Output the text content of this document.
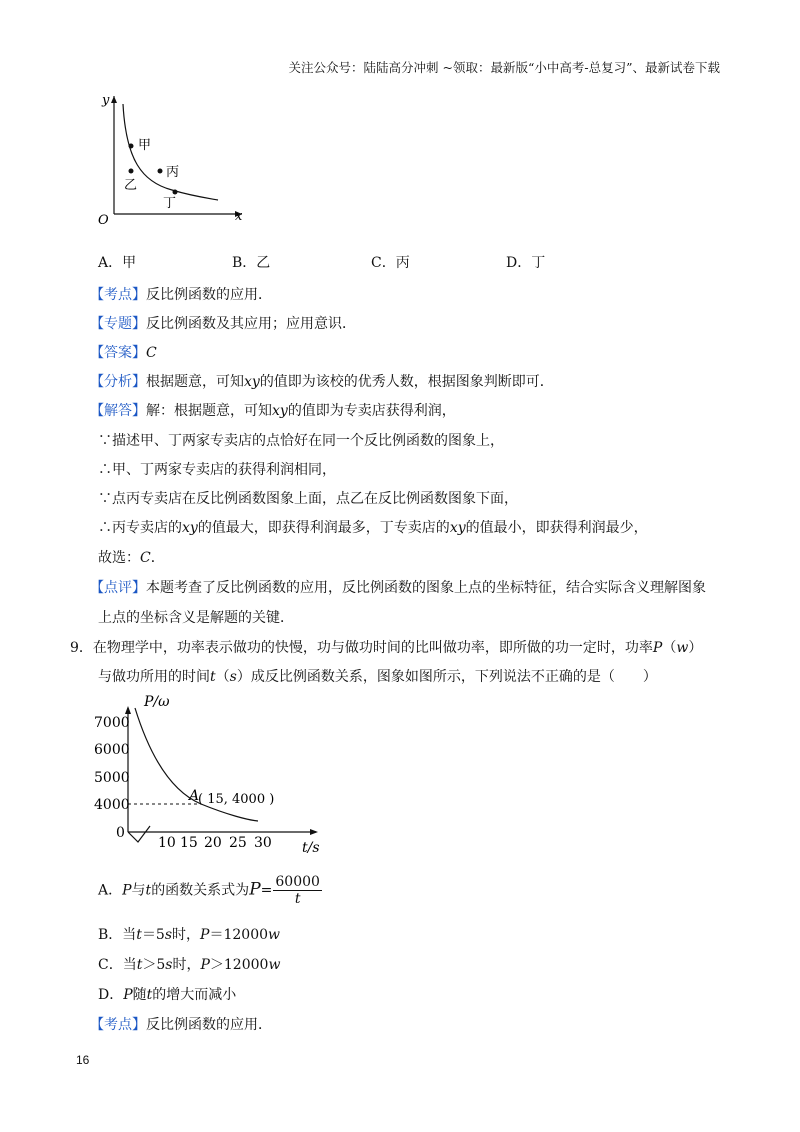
关注公众号：陆陆高分冲刺 ~领取：最新版“小中高考-总复习”、最新试卷下载
y
x
O
甲
乙
丙
丁
A．甲	B．乙	C．丙	D．丁
【考点】反比例函数的应用．
【专题】反比例函数及其应用；应用意识．
【答案】C
【分析】根据题意，可知xy的值即为该校的优秀人数，根据图象判断即可．
【解答】解：根据题意，可知xy的值即为专卖店获得利润，
∵描述甲、丁两家专卖店的点恰好在同一个反比例函数的图象上，
∴甲、丁两家专卖店的获得利润相同，
∵点丙专卖店在反比例函数图象上面，点乙在反比例函数图象下面，
∴丙专卖店的xy的值最大，即获得利润最多，丁专卖店的xy的值最小，即获得利润最少，
故选：C．
【点评】本题考查了反比例函数的应用，反比例函数的图象上点的坐标特征，结合实际含义理解图象
上点的坐标含义是解题的关键．
9．在物理学中，功率表示做功的快慢，功与做功时间的比叫做功率，即所做的功一定时，功率P（w）
与做功所用的时间t（s）成反比例函数关系，图象如图所示，下列说法不正确的是（　　）
P/ω
t/s
7000
6000
5000
4000
0
10 15 20 25 30
A
( 15, 4000 )
A．P与t的函数关系式为$P= \frac{60000}{t}$
B．当t＝5s时，P＝12000w
C．当t＞5s时，P＞12000w
D．P随t的增大而减小
【考点】反比例函数的应用．
16
